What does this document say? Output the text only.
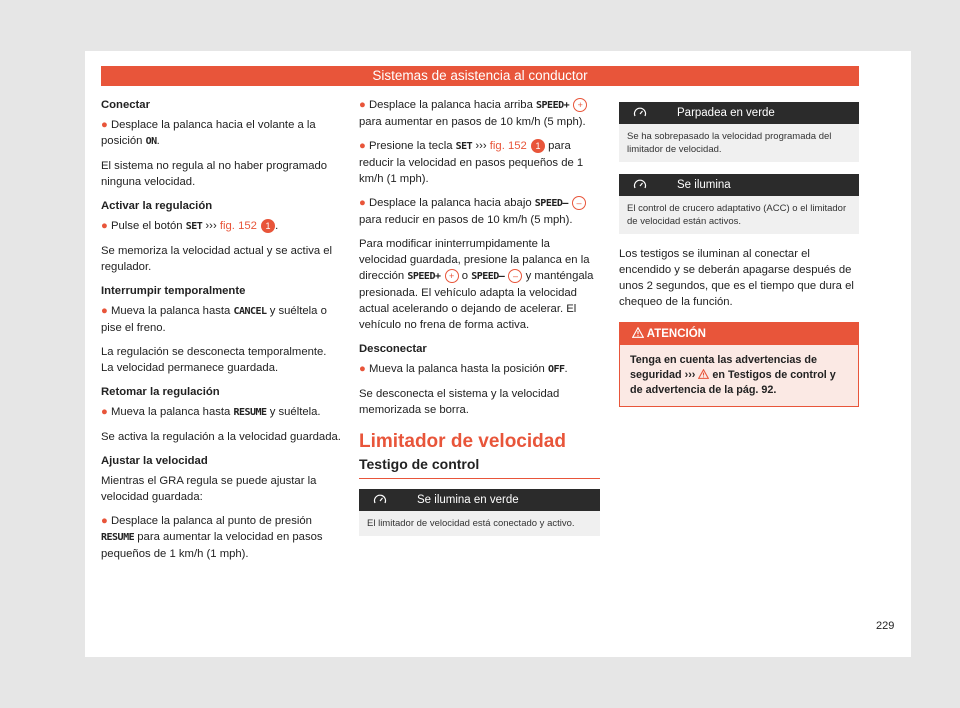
Sistemas de asistencia al conductor

Conectar

● Desplace la palanca hacia el volante a la posición ON.

El sistema no regula al no haber programado ninguna velocidad.

Activar la regulación

● Pulse el botón SET ››› fig. 152 1 .

Se memoriza la velocidad actual y se activa el regulador.

Interrumpir temporalmente

● Mueva la palanca hasta CANCEL y suéltela o pise el freno.

La regulación se desconecta temporalmente. La velocidad permanece guardada.

Retomar la regulación

● Mueva la palanca hasta RESUME y suéltela.

Se activa la regulación a la velocidad guardada.

Ajustar la velocidad

Mientras el GRA regula se puede ajustar la velocidad guardada:

● Desplace la palanca al punto de presión RESUME para aumentar la velocidad en pasos pequeños de 1 km/h (1 mph).

● Desplace la palanca hacia arriba SPEED+ + para aumentar en pasos de 10 km/h (5 mph).

● Presione la tecla SET ››› fig. 152 1 para reducir la velocidad en pasos pequeños de 1 km/h (1 mph).

● Desplace la palanca hacia abajo SPEED– – para reducir en pasos de 10 km/h (5 mph).

Para modificar ininterrumpidamente la velocidad guardada, presione la palanca en la dirección SPEED+ + o SPEED– – y manténgala presionada. El vehículo adapta la velocidad actual acelerando o dejando de acelerar. El vehículo no frena de forma activa.

Desconectar

● Mueva la palanca hasta la posición OFF.

Se desconecta el sistema y la velocidad memorizada se borra.

Limitador de velocidad
Testigo de control
Se ilumina en verde
El limitador de velocidad está conectado y activo.
Parpadea en verde
Se ha sobrepasado la velocidad programada del limitador de velocidad.
Se ilumina
El control de crucero adaptativo (ACC) o el limitador de velocidad están activos.

Los testigos se iluminan al conectar el encendido y se deberán apagarse después de unos 2 segundos, que es el tiempo que dura el chequeo de la función.

ATENCIÓN
Tenga en cuenta las advertencias de seguridad ››› en Testigos de control y de advertencia de la pág. 92.
229
